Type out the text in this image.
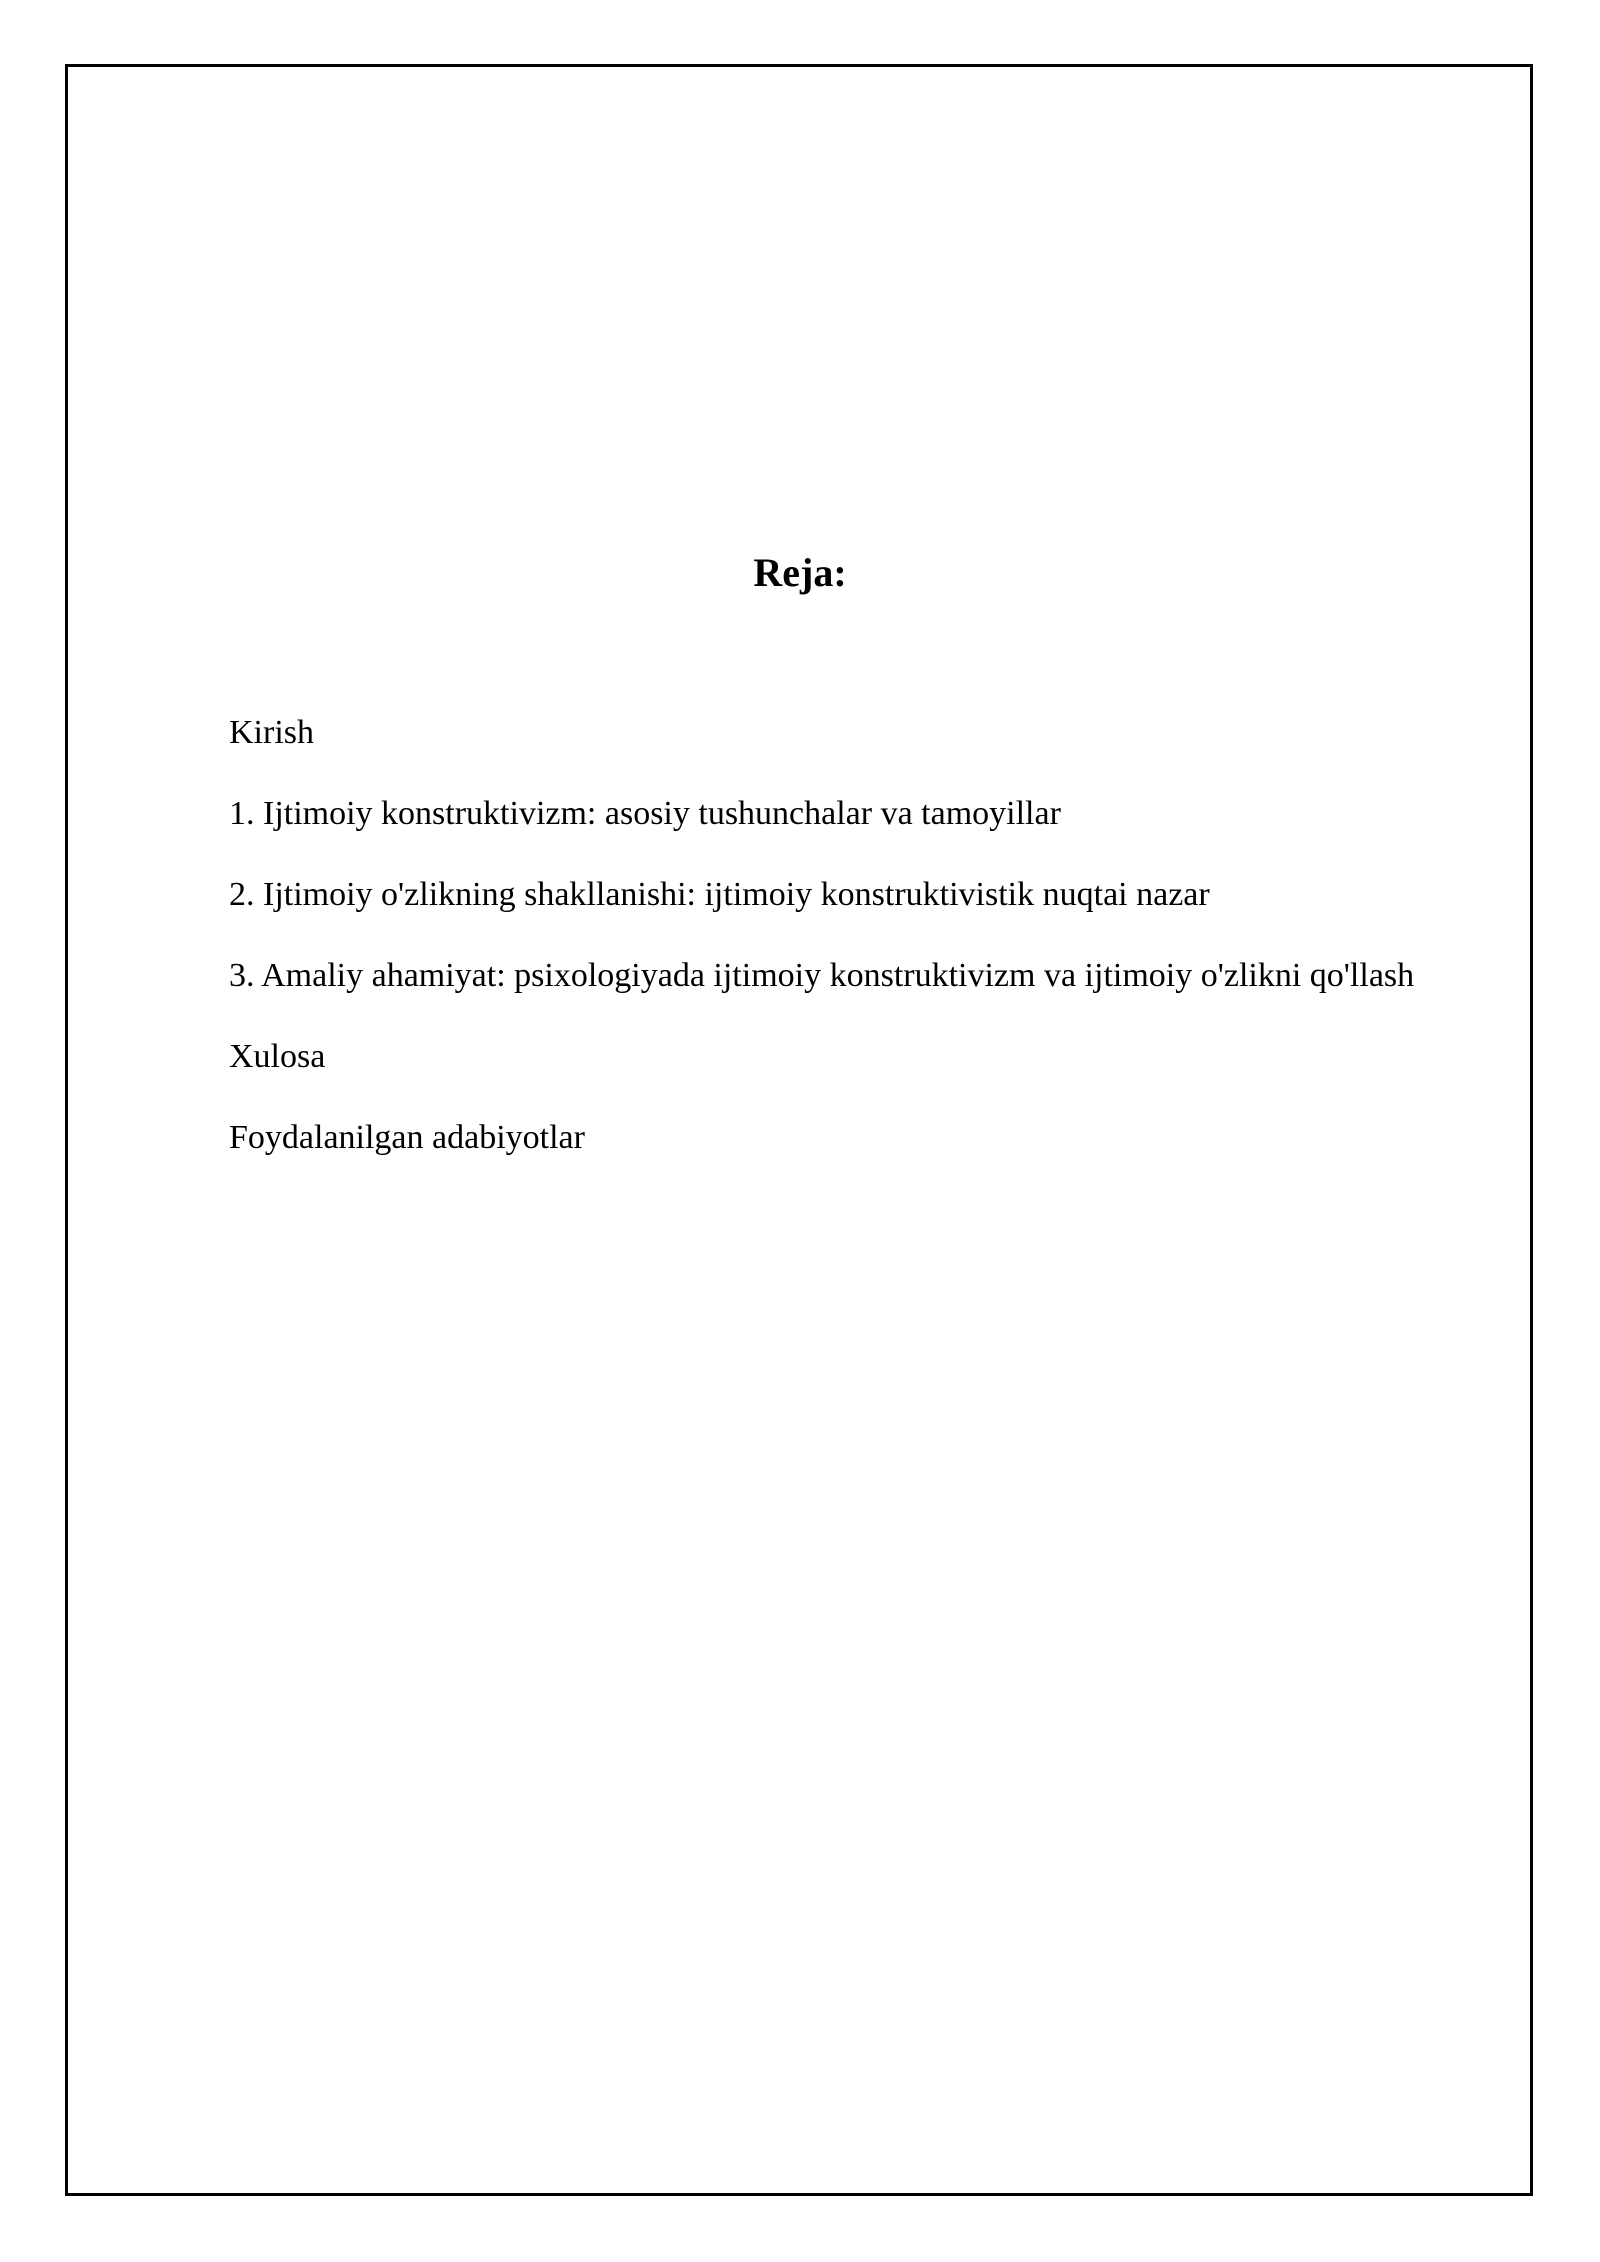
Reja:
Kirish
1. Ijtimoiy konstruktivizm: asosiy tushunchalar va tamoyillar
2. Ijtimoiy o'zlikning shakllanishi: ijtimoiy konstruktivistik nuqtai nazar
3. Amaliy ahamiyat: psixologiyada ijtimoiy konstruktivizm va ijtimoiy o'zlikni qo'llash
Xulosa
Foydalanilgan adabiyotlar
